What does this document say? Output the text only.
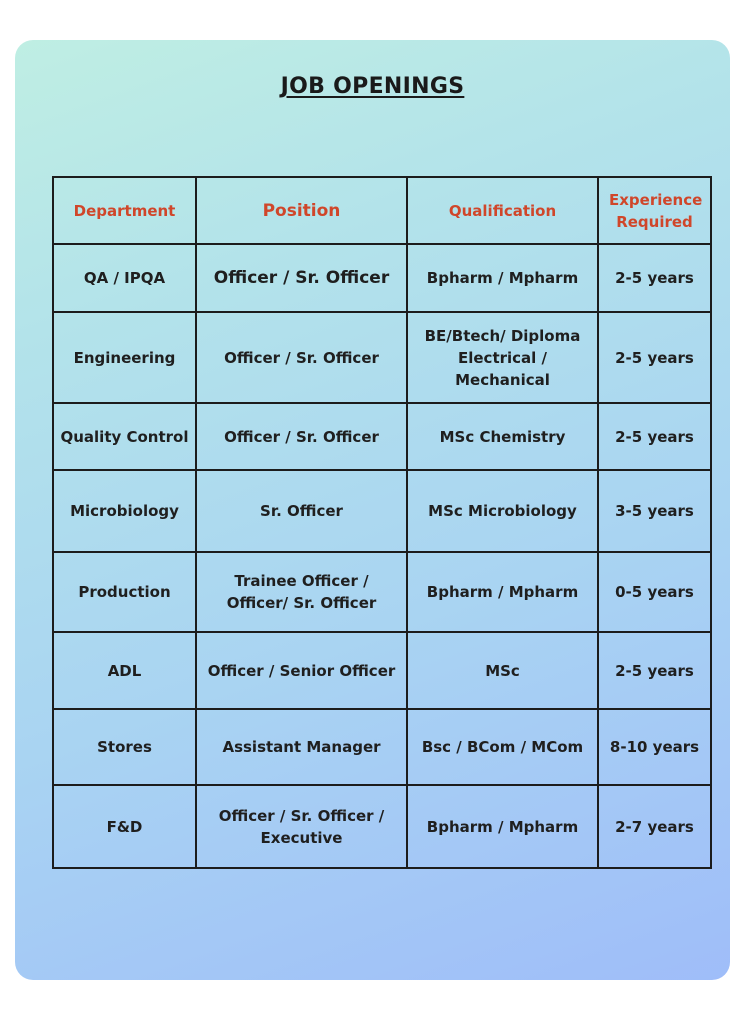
JOB OPENINGS
Department	Position	Qualification	Experience Required
QA / IPQA	Officer / Sr. Officer	Bpharm / Mpharm	2-5 years
Engineering	Officer / Sr. Officer	BE/Btech/ Diploma Electrical / Mechanical	2-5 years
Quality Control	Officer / Sr. Officer	MSc Chemistry	2-5 years
Microbiology	Sr. Officer	MSc Microbiology	3-5 years
Production	Trainee Officer / Officer/ Sr. Officer	Bpharm / Mpharm	0-5 years
ADL	Officer / Senior Officer	MSc	2-5 years
Stores	Assistant Manager	Bsc / BCom / MCom	8-10 years
F&D	Officer / Sr. Officer / Executive	Bpharm / Mpharm	2-7 years
